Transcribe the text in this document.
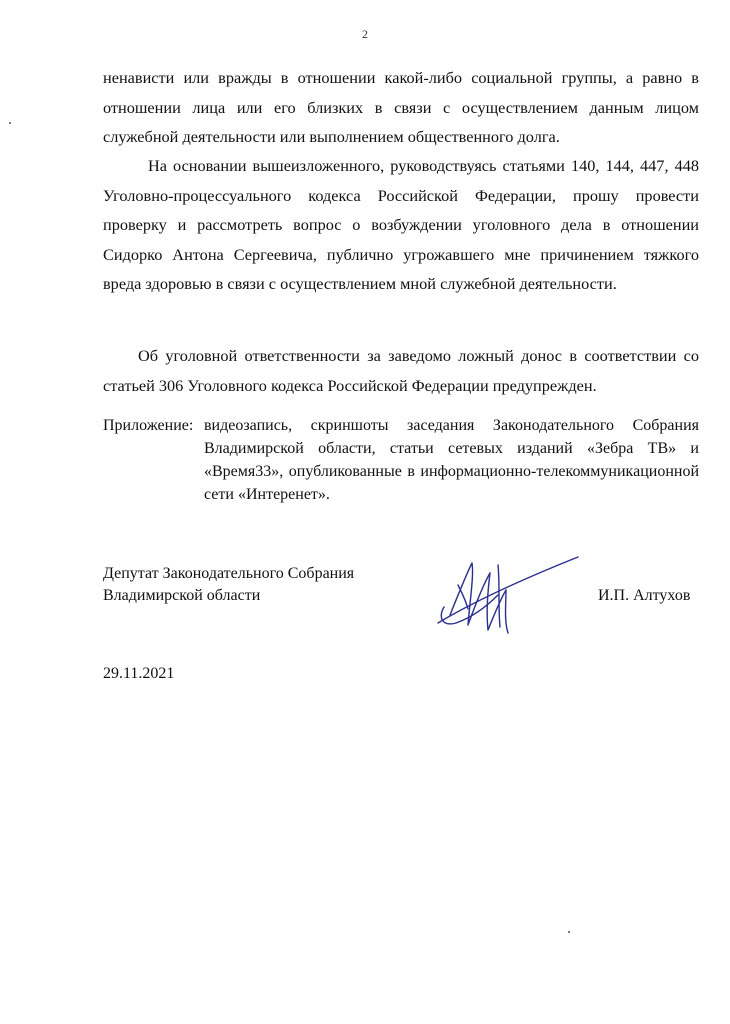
2

ненависти или вражды в отношении какой-либо социальной группы, а равно в отношении лица или его близких в связи с осуществлением данным лицом служебной деятельности или выполнением общественного долга.

На основании вышеизложенного, руководствуясь статьями 140, 144, 447, 448 Уголовно-процессуального кодекса Российской Федерации, прошу провести проверку и рассмотреть вопрос о возбуждении уголовного дела в отношении Сидорко Антона Сергеевича, публично угрожавшего мне причинением тяжкого вреда здоровью в связи с осуществлением мной служебной деятельности.

Об уголовной ответственности за заведомо ложный донос в соответствии со статьей 306 Уголовного кодекса Российской Федерации предупрежден.

Приложение: видеозапись, скриншоты заседания Законодательного Собрания Владимирской области, статьи сетевых изданий «Зебра ТВ» и «Время33», опубликованные в информационно-телекоммуникационной сети «Интеренет».
Депутат Законодательного Собрания
Владимирской области	И.П. Алтухов
29.11.2021
